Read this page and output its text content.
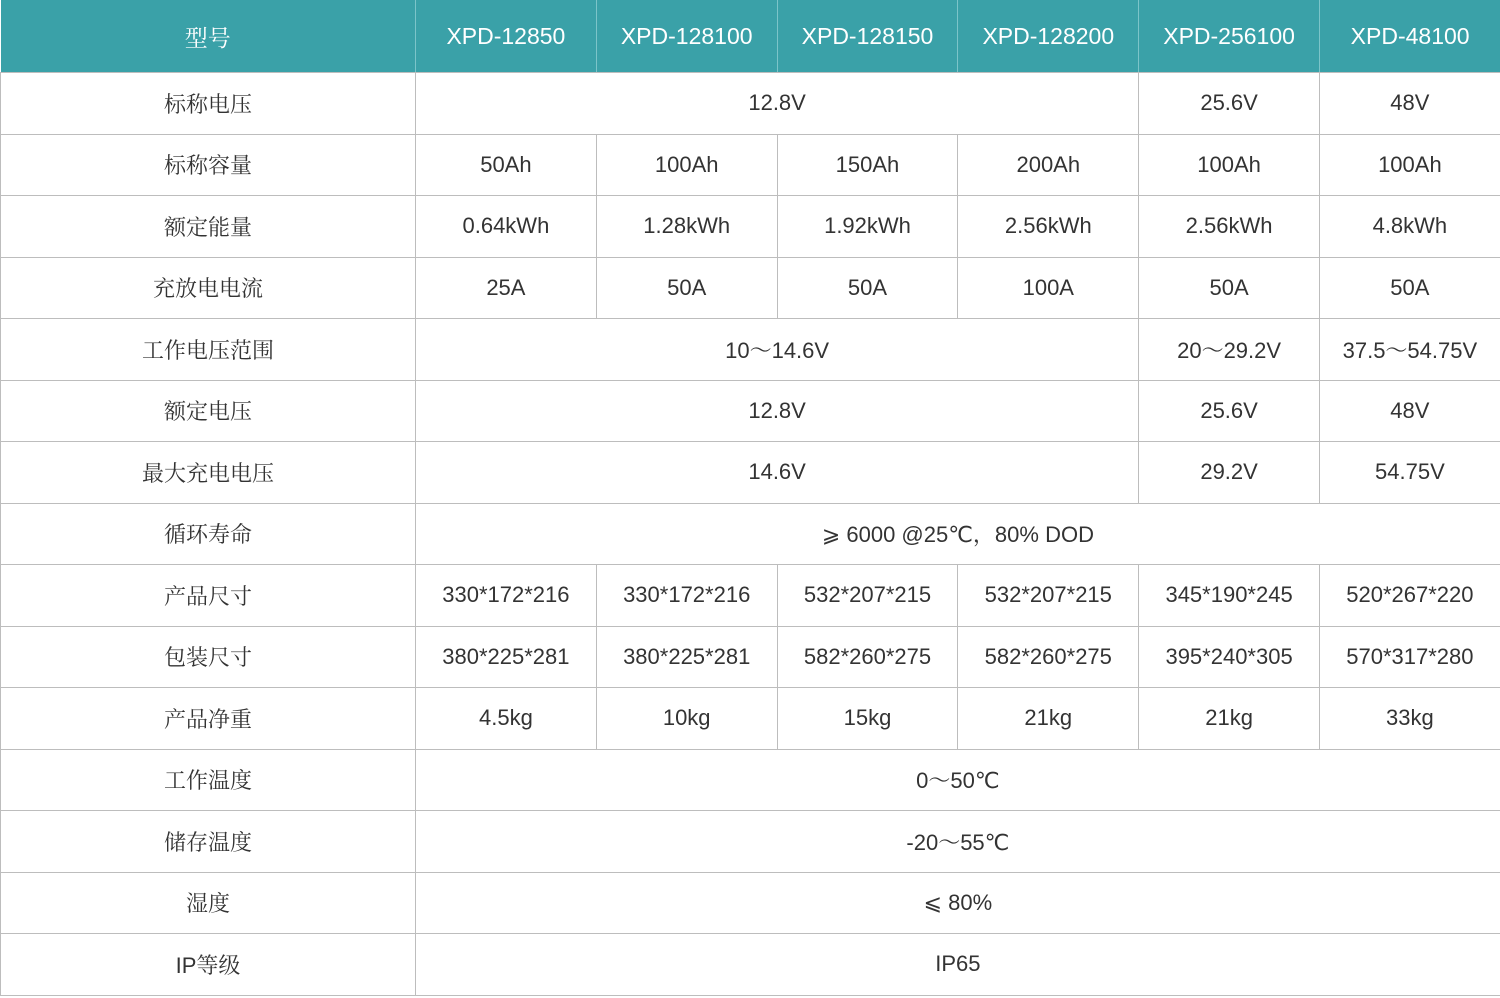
型号	XPD-12850	XPD-128100	XPD-128150	XPD-128200	XPD-256100	XPD-48100
标称电压	12.8V				25.6V	48V
标称容量	50Ah	100Ah	150Ah	200Ah	100Ah	100Ah
额定能量	0.64kWh	1.28kWh	1.92kWh	2.56kWh	2.56kWh	4.8kWh
充放电电流	25A	50A	50A	100A	50A	50A
工作电压范围	10～14.6V				20～29.2V	37.5～54.75V
额定电压	12.8V				25.6V	48V
最大充电电压	14.6V				29.2V	54.75V
循环寿命	⩾ 6000 @25℃，80% DOD					
产品尺寸	330*172*216	330*172*216	532*207*215	532*207*215	345*190*245	520*267*220
包装尺寸	380*225*281	380*225*281	582*260*275	582*260*275	395*240*305	570*317*280
产品净重	4.5kg	10kg	15kg	21kg	21kg	33kg
工作温度	0～50℃					
储存温度	-20～55℃					
湿度	⩽ 80%					
IP等级	IP65					
